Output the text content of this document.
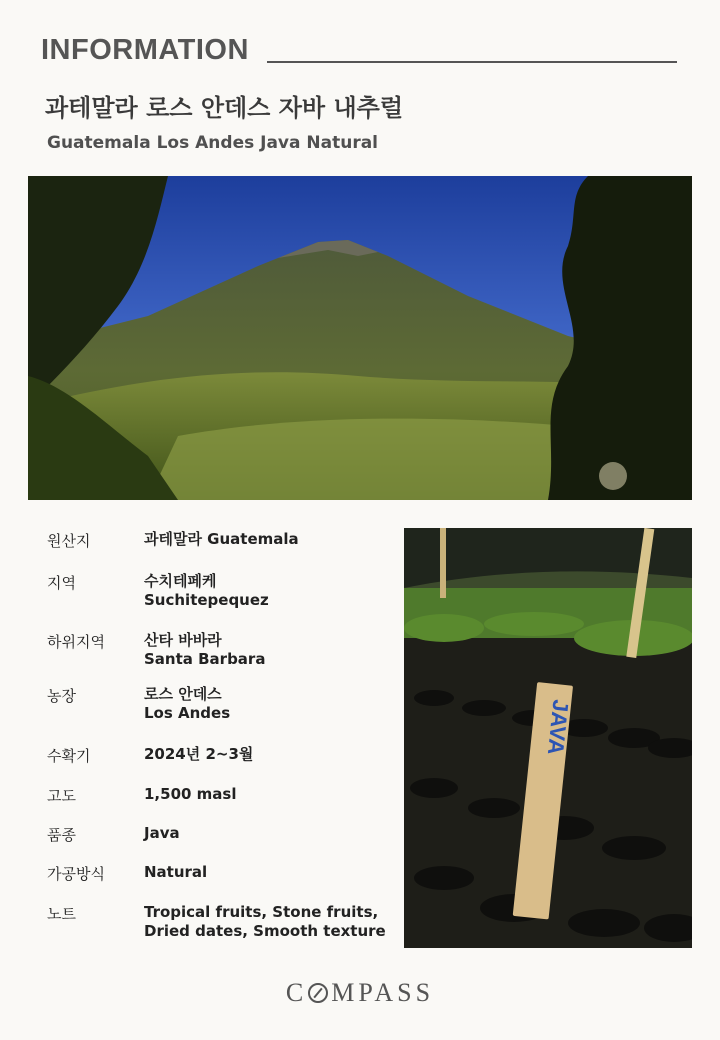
INFORMATION
과테말라 로스 안데스 자바 내추럴
Guatemala Los Andes Java Natural
원산지	과테말라 Guatemala
지역	수치테페케
Suchitepequez
하위지역	산타 바바라
Santa Barbara
농장	로스 안데스
Los Andes
수확기	2024년 2~3월
고도	1,500 masl
품종	Java
가공방식	Natural
노트	Tropical fruits, Stone fruits,
Dried dates, Smooth texture
JAVA
C MPASS
